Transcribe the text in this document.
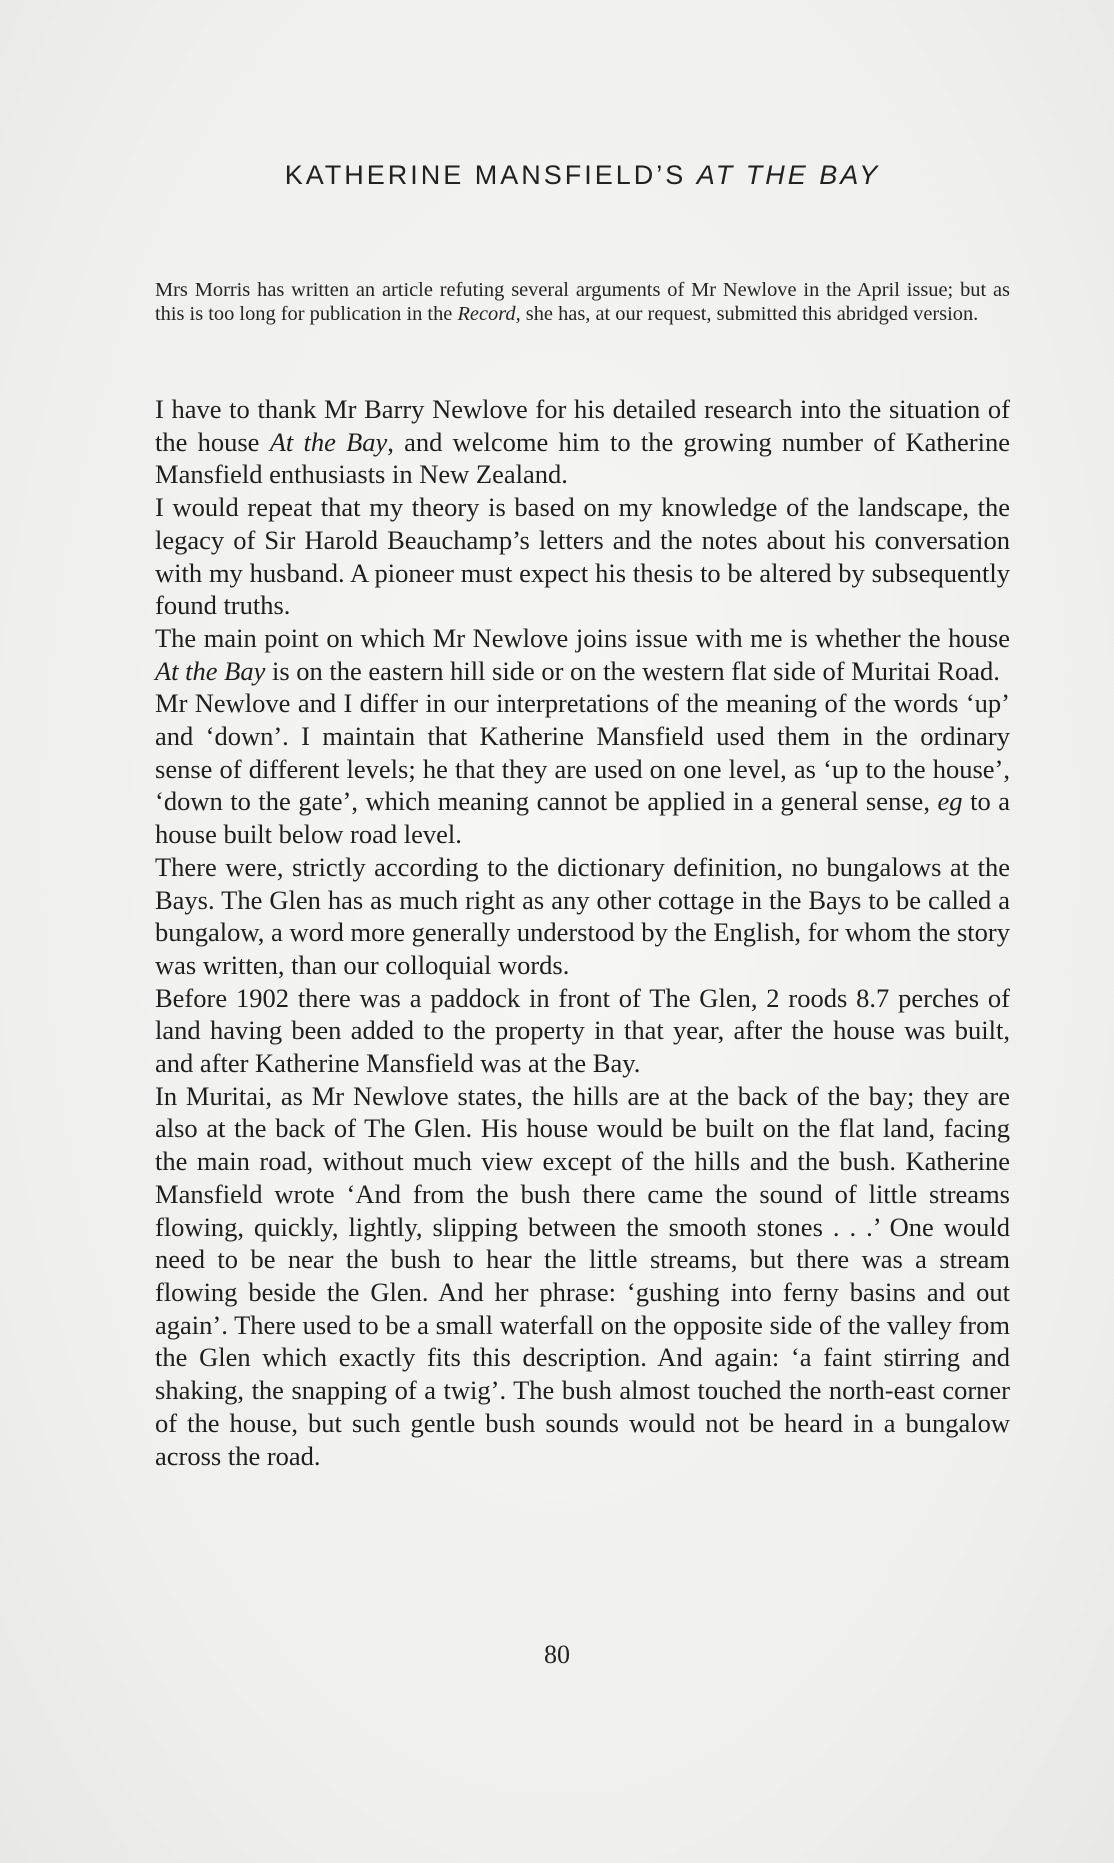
KATHERINE MANSFIELD’S AT THE BAY
Mrs Morris has written an article refuting several arguments of Mr Newlove in the April issue; but as this is too long for publication in the Record, she has, at our request, submitted this abridged version.

I have to thank Mr Barry Newlove for his detailed research into the situation of the house At the Bay, and welcome him to the growing number of Katherine Mansfield enthusiasts in New Zealand.

I would repeat that my theory is based on my knowledge of the landscape, the legacy of Sir Harold Beauchamp’s letters and the notes about his conversation with my husband. A pioneer must expect his thesis to be altered by subsequently found truths.

The main point on which Mr Newlove joins issue with me is whether the house At the Bay is on the eastern hill side or on the western flat side of Muritai Road.

Mr Newlove and I differ in our interpretations of the meaning of the words ‘up’ and ‘down’. I maintain that Katherine Mansfield used them in the ordinary sense of different levels; he that they are used on one level, as ‘up to the house’, ‘down to the gate’, which meaning cannot be applied in a general sense, eg to a house built below road level.

There were, strictly according to the dictionary definition, no bungalows at the Bays. The Glen has as much right as any other cottage in the Bays to be called a bungalow, a word more generally understood by the English, for whom the story was written, than our colloquial words.

Before 1902 there was a paddock in front of The Glen, 2 roods 8.7 perches of land having been added to the property in that year, after the house was built, and after Katherine Mansfield was at the Bay.

In Muritai, as Mr Newlove states, the hills are at the back of the bay; they are also at the back of The Glen. His house would be built on the flat land, facing the main road, without much view except of the hills and the bush. Katherine Mansfield wrote ‘And from the bush there came the sound of little streams flowing, quickly, lightly, slipping between the smooth stones . . .’ One would need to be near the bush to hear the little streams, but there was a stream flowing beside the Glen. And her phrase: ‘gushing into ferny basins and out again’. There used to be a small waterfall on the opposite side of the valley from the Glen which exactly fits this description. And again: ‘a faint stirring and shaking, the snapping of a twig’. The bush almost touched the north-east corner of the house, but such gentle bush sounds would not be heard in a bungalow across the road.

80
